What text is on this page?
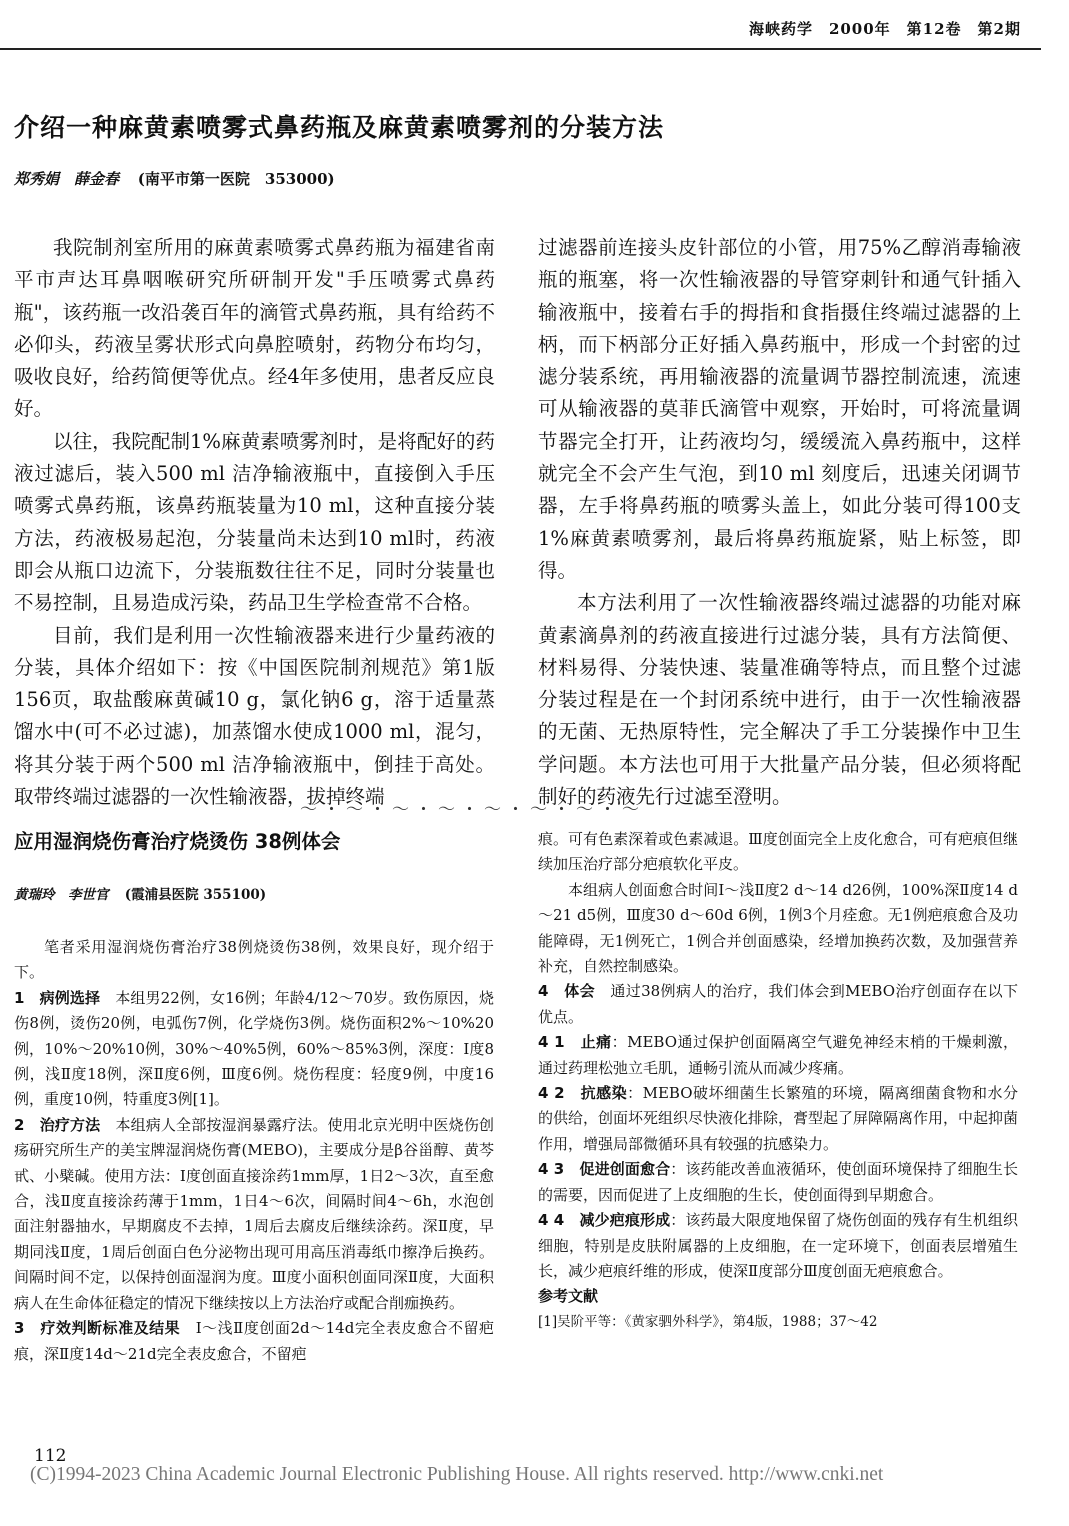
海峡药学　2000年　第12卷　第2期
介绍一种麻黄素喷雾式鼻药瓶及麻黄素喷雾剂的分装方法
郑秀娟　薛金春 (南平市第一医院　353000)

我院制剂室所用的麻黄素喷雾式鼻药瓶为福建省南平市声达耳鼻咽喉研究所研制开发"手压喷雾式鼻药瓶"，该药瓶一改沿袭百年的滴管式鼻药瓶，具有给药不必仰头，药液呈雾状形式向鼻腔喷射，药物分布均匀，吸收良好，给药简便等优点。经4年多使用，患者反应良好。

以往，我院配制1%麻黄素喷雾剂时，是将配好的药液过滤后，装入500 ml 洁净输液瓶中，直接倒入手压喷雾式鼻药瓶，该鼻药瓶装量为10 ml，这种直接分装方法，药液极易起泡，分装量尚未达到10 ml时，药液即会从瓶口边流下，分装瓶数往往不足，同时分装量也不易控制，且易造成污染，药品卫生学检查常不合格。

目前，我们是利用一次性输液器来进行少量药液的分装，具体介绍如下：按《中国医院制剂规范》第1版156页，取盐酸麻黄碱10 g，氯化钠6 g，溶于适量蒸馏水中(可不必过滤)，加蒸馏水使成1000 ml，混匀，将其分装于两个500 ml 洁净输液瓶中，倒挂于高处。取带终端过滤器的一次性输液器，拔掉终端

过滤器前连接头皮针部位的小管，用75%乙醇消毒输液瓶的瓶塞，将一次性输液器的导管穿刺针和通气针插入输液瓶中，接着右手的拇指和食指摄住终端过滤器的上柄，而下柄部分正好插入鼻药瓶中，形成一个封密的过滤分装系统，再用输液器的流量调节器控制流速，流速可从输液器的莫菲氏滴管中观察，开始时，可将流量调节器完全打开，让药液均匀，缓缓流入鼻药瓶中，这样就完全不会产生气泡，到10 ml 刻度后，迅速关闭调节器，左手将鼻药瓶的喷雾头盖上，如此分装可得100支1%麻黄素喷雾剂，最后将鼻药瓶旋紧，贴上标签，即得。

本方法利用了一次性输液器终端过滤器的功能对麻黄素滴鼻剂的药液直接进行过滤分装，具有方法简便、材料易得、分装快速、装量准确等特点，而且整个过滤分装过程是在一个封闭系统中进行，由于一次性输液器的无菌、无热原特性，完全解决了手工分装操作中卫生学问题。本方法也可用于大批量产品分装，但必须将配制好的药液先行过滤至澄明。

～・～・～・～・～・～・～・～
应用湿润烧伤膏治疗烧烫伤 38例体会
黄瑞玲　李世官 (霞浦县医院 355100)

笔者采用湿润烧伤膏治疗38例烧烫伤38例，效果良好，现介绍于下。

1　病例选择　 本组男22例，女16例；年龄4/12～70岁。致伤原因，烧伤8例，烫伤20例，电弧伤7例，化学烧伤3例。烧伤面积2%～10%20例，10%～20%10例，30%～40%5例，60%～85%3例，深度：Ⅰ度8例，浅Ⅱ度18例，深Ⅱ度6例，Ⅲ度6例。烧伤程度：轻度9例，中度16例，重度10例，特重度3例[1]。

2　治疗方法　 本组病人全部按湿润暴露疗法。使用北京光明中医烧伤创疡研究所生产的美宝牌湿润烧伤膏(MEBO)，主要成分是β谷甾醇、黄芩甙、小檗碱。使用方法：Ⅰ度创面直接涂药1mm厚，1日2～3次，直至愈合，浅Ⅱ度直接涂药薄于1mm，1日4～6次，间隔时间4～6h，水泡创面注射器抽水，早期腐皮不去掉，1周后去腐皮后继续涂药。深Ⅱ度，早期同浅Ⅱ度，1周后创面白色分泌物出现可用高压消毒纸巾擦净后换药。间隔时间不定，以保持创面湿润为度。Ⅲ度小面积创面同深Ⅱ度，大面积病人在生命体征稳定的情况下继续按以上方法治疗或配合削痂换药。

3　疗效判断标准及结果　 Ⅰ～浅Ⅱ度创面2d～14d完全表皮愈合不留疤痕，深Ⅱ度14d～21d完全表皮愈合，不留疤

痕。可有色素深着或色素减退。Ⅲ度创面完全上皮化愈合，可有疤痕但继续加压治疗部分疤痕软化平皮。

本组病人创面愈合时间Ⅰ～浅Ⅱ度2 d～14 d26例，100%深Ⅱ度14 d～21 d5例，Ⅲ度30 d～60d 6例，1例3个月痊愈。无1例疤痕愈合及功能障碍，无1例死亡，1例合并创面感染，经增加换药次数，及加强营养补充，自然控制感染。

4　体会　 通过38例病人的治疗，我们体会到MEBO治疗创面存在以下优点。

4 1　止痛：MEBO通过保护创面隔离空气避免神经末梢的干燥刺激，通过药理松弛立毛肌，通畅引流从而减少疼痛。

4 2　抗感染：MEBO破坏细菌生长繁殖的环境，隔离细菌食物和水分的供给，创面坏死组织尽快液化排除，膏型起了屏障隔离作用，中起抑菌作用，增强局部微循环具有较强的抗感染力。

4 3　促进创面愈合：该药能改善血液循环，使创面环境保持了细胞生长的需要，因而促进了上皮细胞的生长，使创面得到早期愈合。

4 4　减少疤痕形成：该药最大限度地保留了烧伤创面的残存有生机组织细胞，特别是皮肤附属器的上皮细胞，在一定环境下，创面表层增殖生长，减少疤痕纤维的形成，使深Ⅱ度部分Ⅲ度创面无疤痕愈合。

参考文献

[1]吴阶平等：《黄家驷外科学》，第4版，1988；37～42

112
(C)1994-2023 China Academic Journal Electronic Publishing House. All rights reserved. http://www.cnki.net
